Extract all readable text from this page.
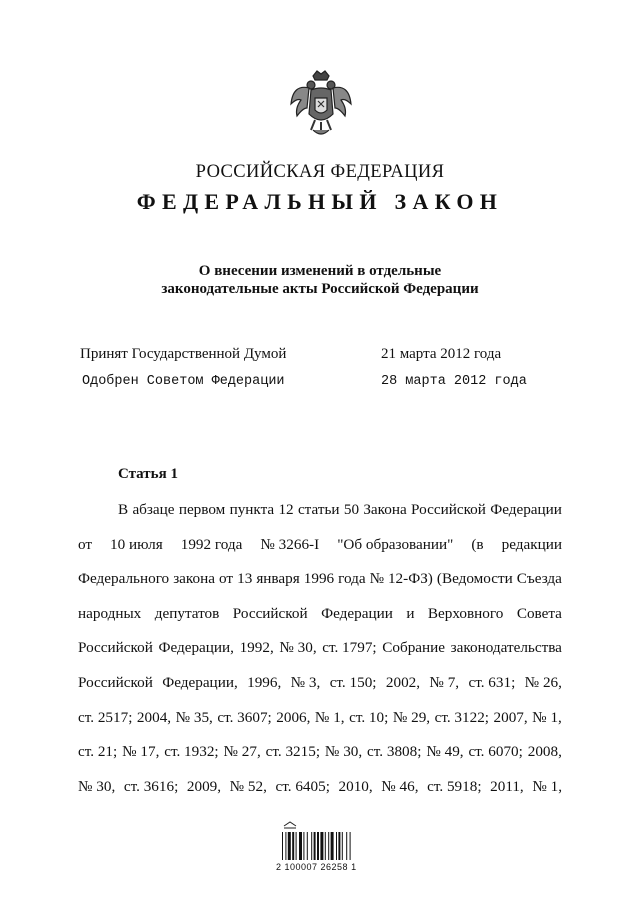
РОССИЙСКАЯ ФЕДЕРАЦИЯ
ФЕДЕРАЛЬНЫЙ ЗАКОН
О внесении изменений в отдельные
законодательные акты Российской Федерации
Принят Государственной Думой	21 марта 2012 года
Одобрен Советом Федерации	28 марта 2012 года
Статья 1
В абзаце первом пункта 12 статьи 50 Закона Российской Федерации
от 10 июля 1992 года № 3266-I "Об образовании" (в редакции
Федерального закона от 13 января 1996 года № 12-ФЗ) (Ведомости Съезда
народных депутатов Российской Федерации и Верховного Совета
Российской Федерации, 1992, № 30, ст. 1797; Собрание законодательства
Российской Федерации, 1996, № 3, ст. 150; 2002, № 7, ст. 631; № 26,
ст. 2517; 2004, № 35, ст. 3607; 2006, № 1, ст. 10; № 29, ст. 3122; 2007, № 1,
ст. 21; № 17, ст. 1932; № 27, ст. 3215; № 30, ст. 3808; № 49, ст. 6070; 2008,
№ 30, ст. 3616; 2009, № 52, ст. 6405; 2010, № 46, ст. 5918; 2011, № 1,
2 100007 26258 1
